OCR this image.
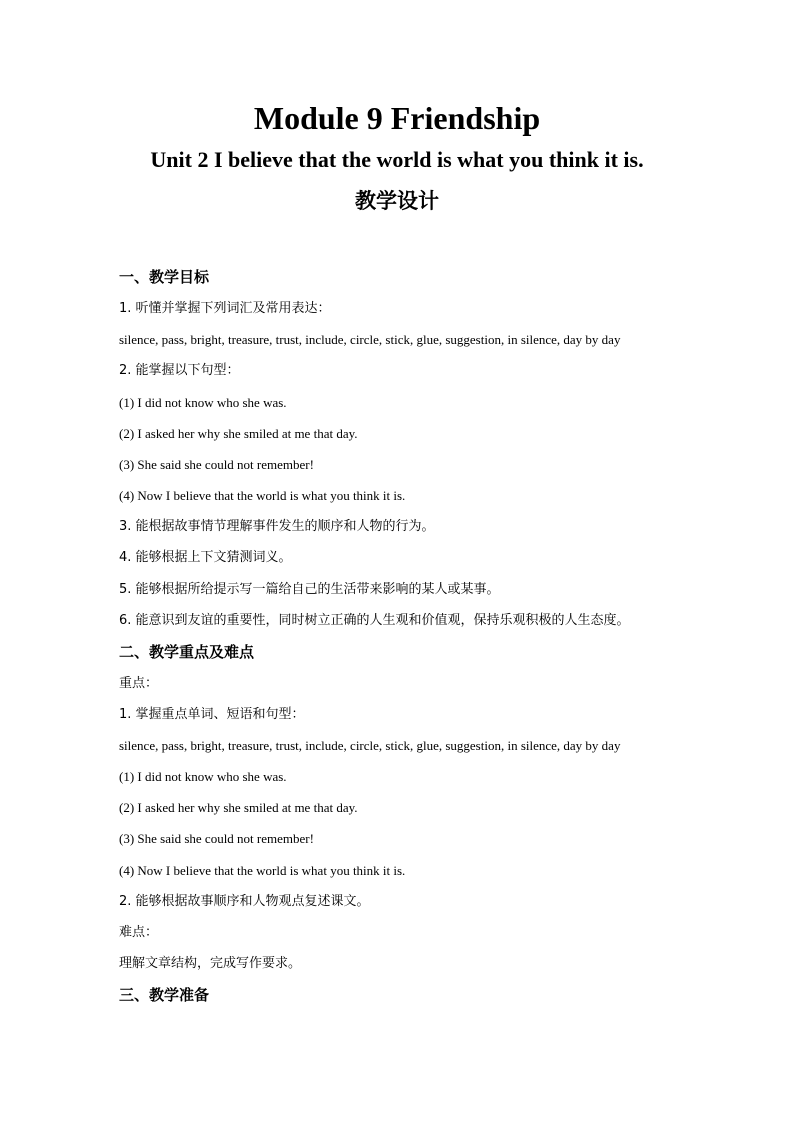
Module 9 Friendship
Unit 2 I believe that the world is what you think it is.
教学设计
一、教学目标
1. 听懂并掌握下列词汇及常用表达：
silence, pass, bright, treasure, trust, include, circle, stick, glue, suggestion, in silence, day by day
2. 能掌握以下句型：
(1) I did not know who she was.
(2) I asked her why she smiled at me that day.
(3) She said she could not remember!
(4) Now I believe that the world is what you think it is.
3. 能根据故事情节理解事件发生的顺序和人物的行为。
4. 能够根据上下文猜测词义。
5. 能够根据所给提示写一篇给自己的生活带来影响的某人或某事。
6. 能意识到友谊的重要性，同时树立正确的人生观和价值观，保持乐观积极的人生态度。
二、教学重点及难点
重点：
1. 掌握重点单词、短语和句型：
silence, pass, bright, treasure, trust, include, circle, stick, glue, suggestion, in silence, day by day
(1) I did not know who she was.
(2) I asked her why she smiled at me that day.
(3) She said she could not remember!
(4) Now I believe that the world is what you think it is.
2. 能够根据故事顺序和人物观点复述课文。
难点：
理解文章结构，完成写作要求。
三、教学准备
